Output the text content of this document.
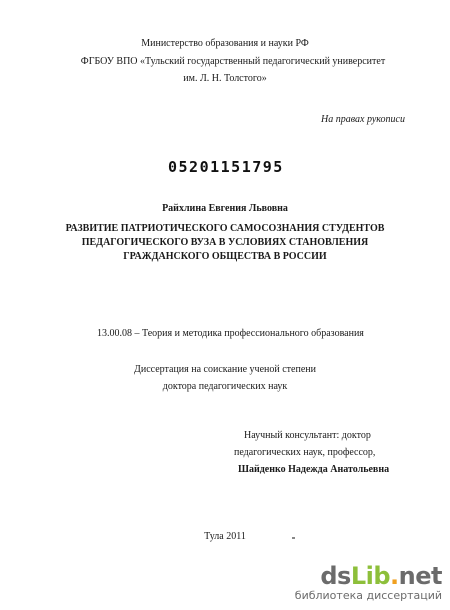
Министерство образования и науки РФ
ФГБОУ ВПО «Тульский государственный педагогический университет
им. Л. Н. Толстого»
На правах рукописи
05201151795
Райхлина Евгения Львовна
РАЗВИТИЕ ПАТРИОТИЧЕСКОГО САМОСОЗНАНИЯ СТУДЕНТОВ
ПЕДАГОГИЧЕСКОГО ВУЗА В УСЛОВИЯХ СТАНОВЛЕНИЯ
ГРАЖДАНСКОГО ОБЩЕСТВА В РОССИИ
13.00.08 – Теория и методика профессионального образования
Диссертация на соискание ученой степени
доктора педагогических наук
Научный консультант: доктор
педагогических наук, профессор,
Шайденко Надежда Анатольевна
Тула 2011
dsLib.net
библиотека диссертаций
